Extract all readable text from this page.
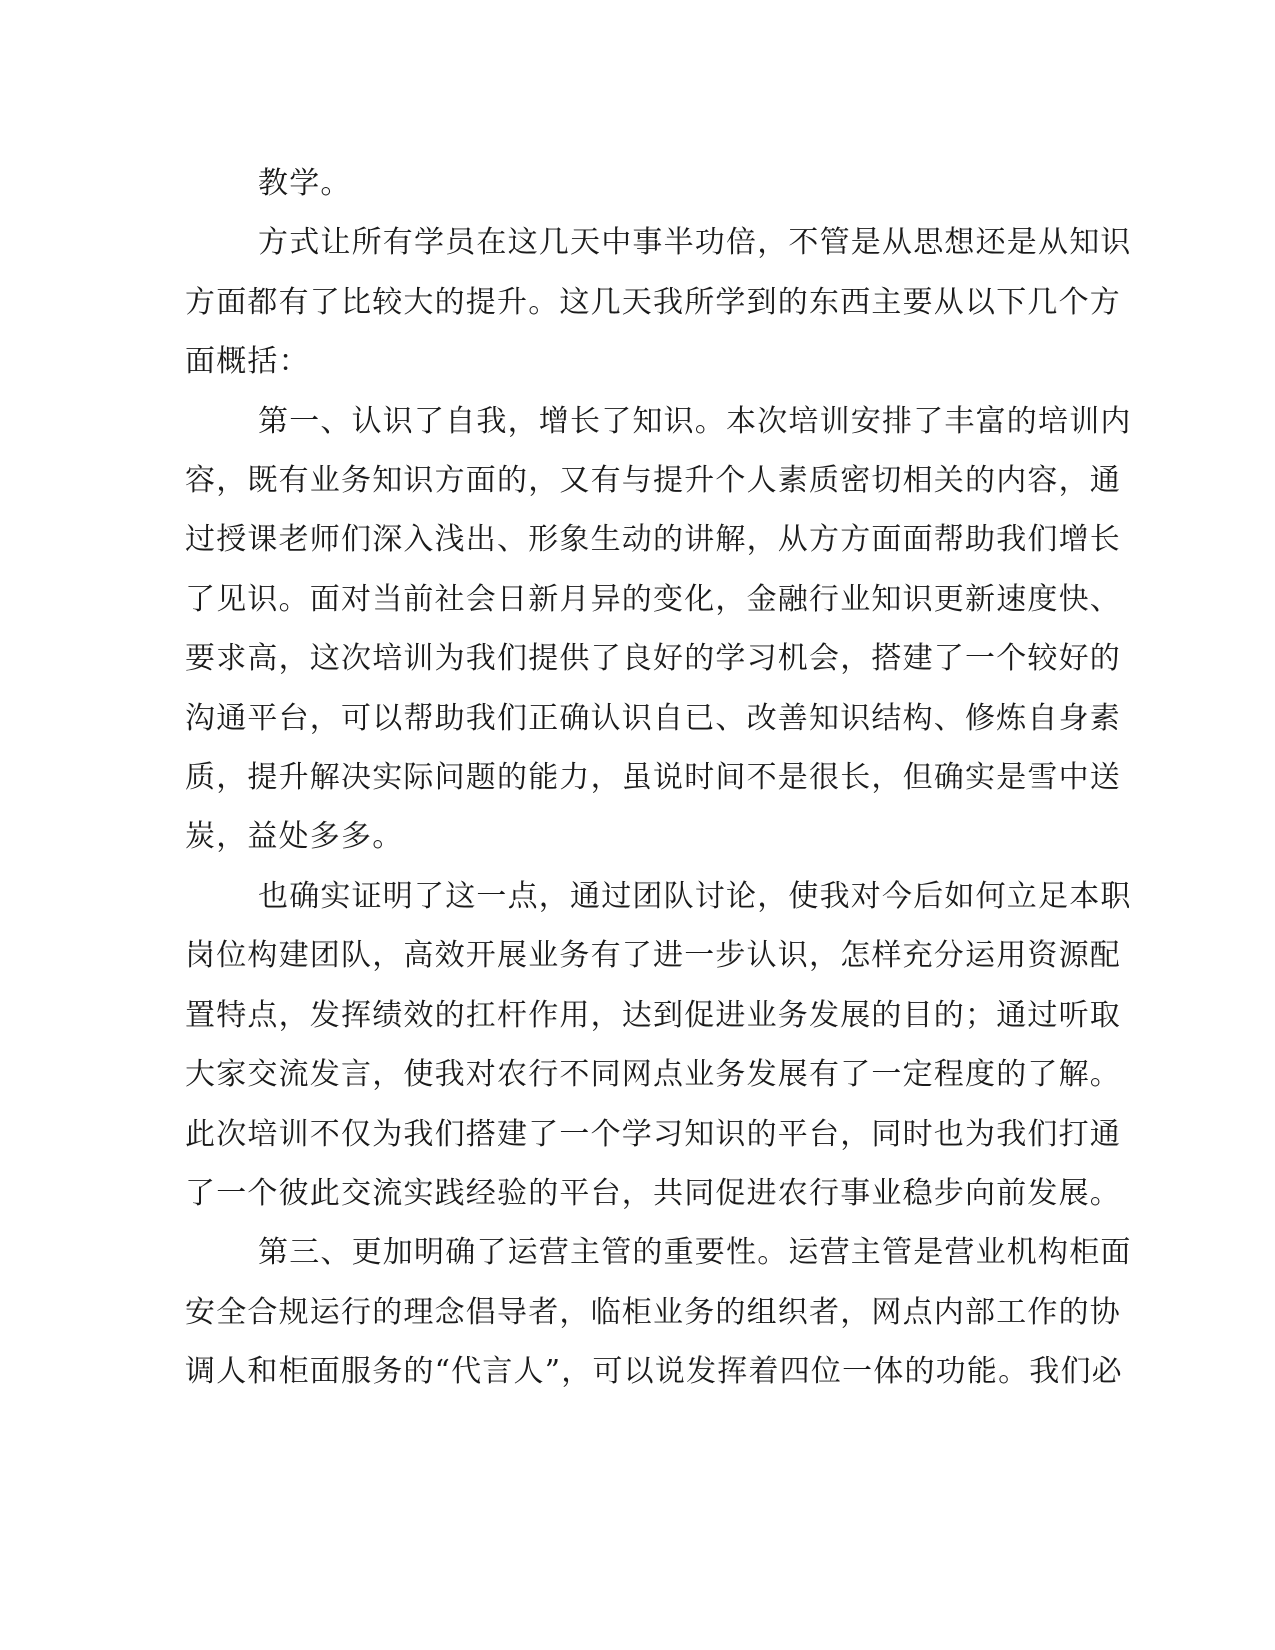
教学。
方式让所有学员在这几天中事半功倍，不管是从思想还是从知识
方面都有了比较大的提升。这几天我所学到的东西主要从以下几个方
面概括：
第一、认识了自我，增长了知识。本次培训安排了丰富的培训内
容，既有业务知识方面的，又有与提升个人素质密切相关的内容，通
过授课老师们深入浅出、形象生动的讲解，从方方面面帮助我们增长
了见识。面对当前社会日新月异的变化，金融行业知识更新速度快、
要求高，这次培训为我们提供了良好的学习机会，搭建了一个较好的
沟通平台，可以帮助我们正确认识自已、改善知识结构、修炼自身素
质，提升解决实际问题的能力，虽说时间不是很长，但确实是雪中送
炭，益处多多。
也确实证明了这一点，通过团队讨论，使我对今后如何立足本职
岗位构建团队，高效开展业务有了进一步认识，怎样充分运用资源配
置特点，发挥绩效的扛杆作用，达到促进业务发展的目的；通过听取
大家交流发言，使我对农行不同网点业务发展有了一定程度的了解。
此次培训不仅为我们搭建了一个学习知识的平台，同时也为我们打通
了一个彼此交流实践经验的平台，共同促进农行事业稳步向前发展。
第三、更加明确了运营主管的重要性。运营主管是营业机构柜面
安全合规运行的理念倡导者，临柜业务的组织者，网点内部工作的协
调人和柜面服务的“代言人”，可以说发挥着四位一体的功能。我们必
